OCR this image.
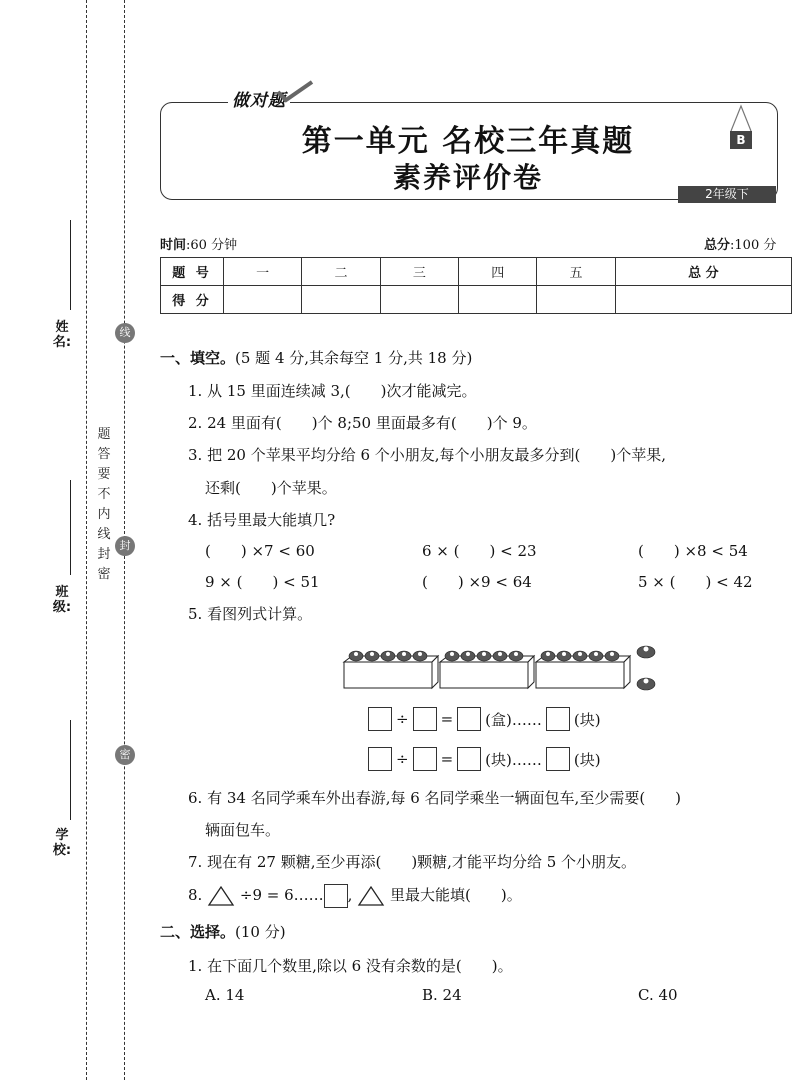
姓名:
班级:
学校:
线
封
密
题
答
要
不
内
线
封
密
做对题
第一单元 名校三年真题
素养评价卷
B
2年级下
时间:60 分钟	总分:100 分
题 号	一	二	三	四	五	总 分
得 分						
一、填空。(5 题 4 分,其余每空 1 分,共 18 分)
1. 从 15 里面连续减 3,(　　)次才能减完。
2. 24 里面有(　　)个 8;50 里面最多有(　　)个 9。
3. 把 20 个苹果平均分给 6 个小朋友,每个小朋友最多分到(　　)个苹果,
还剩(　　)个苹果。
4. 括号里最大能填几?
(　　) ×7 < 60	6 × (　　) < 23	(　　) ×8 < 54
9 × (　　) < 51	(　　) ×9 < 64	5 × (　　) < 42
5. 看图列式计算。
÷ = (盒)…… (块)
÷ = (块)…… (块)
6. 有 34 名同学乘车外出春游,每 6 名同学乘坐一辆面包车,至少需要(　　)
辆面包车。
7. 现在有 27 颗糖,至少再添(　　)颗糖,才能平均分给 5 个小朋友。
8.	÷9 = 6…… ,	里最大能填(　　)。
二、选择。(10 分)
1. 在下面几个数里,除以 6 没有余数的是(　　)。
A. 14	B. 24	C. 40
